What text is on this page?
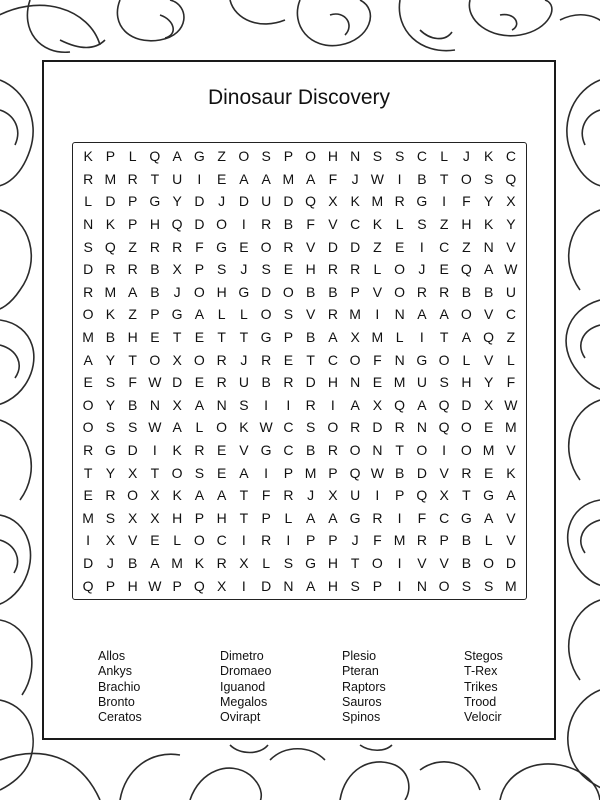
Dinosaur Discovery
K P L Q A G Z O S P O H N S S C L	J	K C
R M R T U	I	E A A M A F	J W I	B T O S Q
L D P G Y D J D U D Q X K M R G	I	F Y X
N K P H Q D O	I	R B F V C K L S Z H K Y
S Q Z R R F G E O R V D D Z E	I	C Z N V
D R R B X P S	J	S E H R R L O J	E Q A W
R M A B	J O H G D O B B P V O R R B B U
O K Z P G A L	L O S V R M	I	N A A O V C
M B H E T E T T G P B A X M L	I	T A Q Z
A Y T O X O R J R E T C O F N G O L V L
E S F W D E R U B R D H N E M U S H Y F
O Y B N X A N S	I	I	R	I	A X Q A Q D X W
O S S W A L O K W C S O R D R N Q O E M
R G D	I	K R E V G C B R O N T O	I	O M V
T Y X T O S E A	I	P M P Q W B D V R E K
E R O X K A A T F R J	X U	I	P Q X T G A
M S X X H P H T P L A A G R	I	F C G A V
I	X V E L O C	I	R	I	P P	J	F M R P B L V
D J	B A M K R X L S G H T O	I	V V B O D
Q P H W P Q X	I	D N A H S P	I	N O S S M
Allos
Ankys
Brachio
Bronto
Ceratos
Dimetro
Dromaeo
Iguanod
Megalos
Ovirapt
Plesio
Pteran
Raptors
Sauros
Spinos
Stegos
T-Rex
Trikes
Trood
Velocir
